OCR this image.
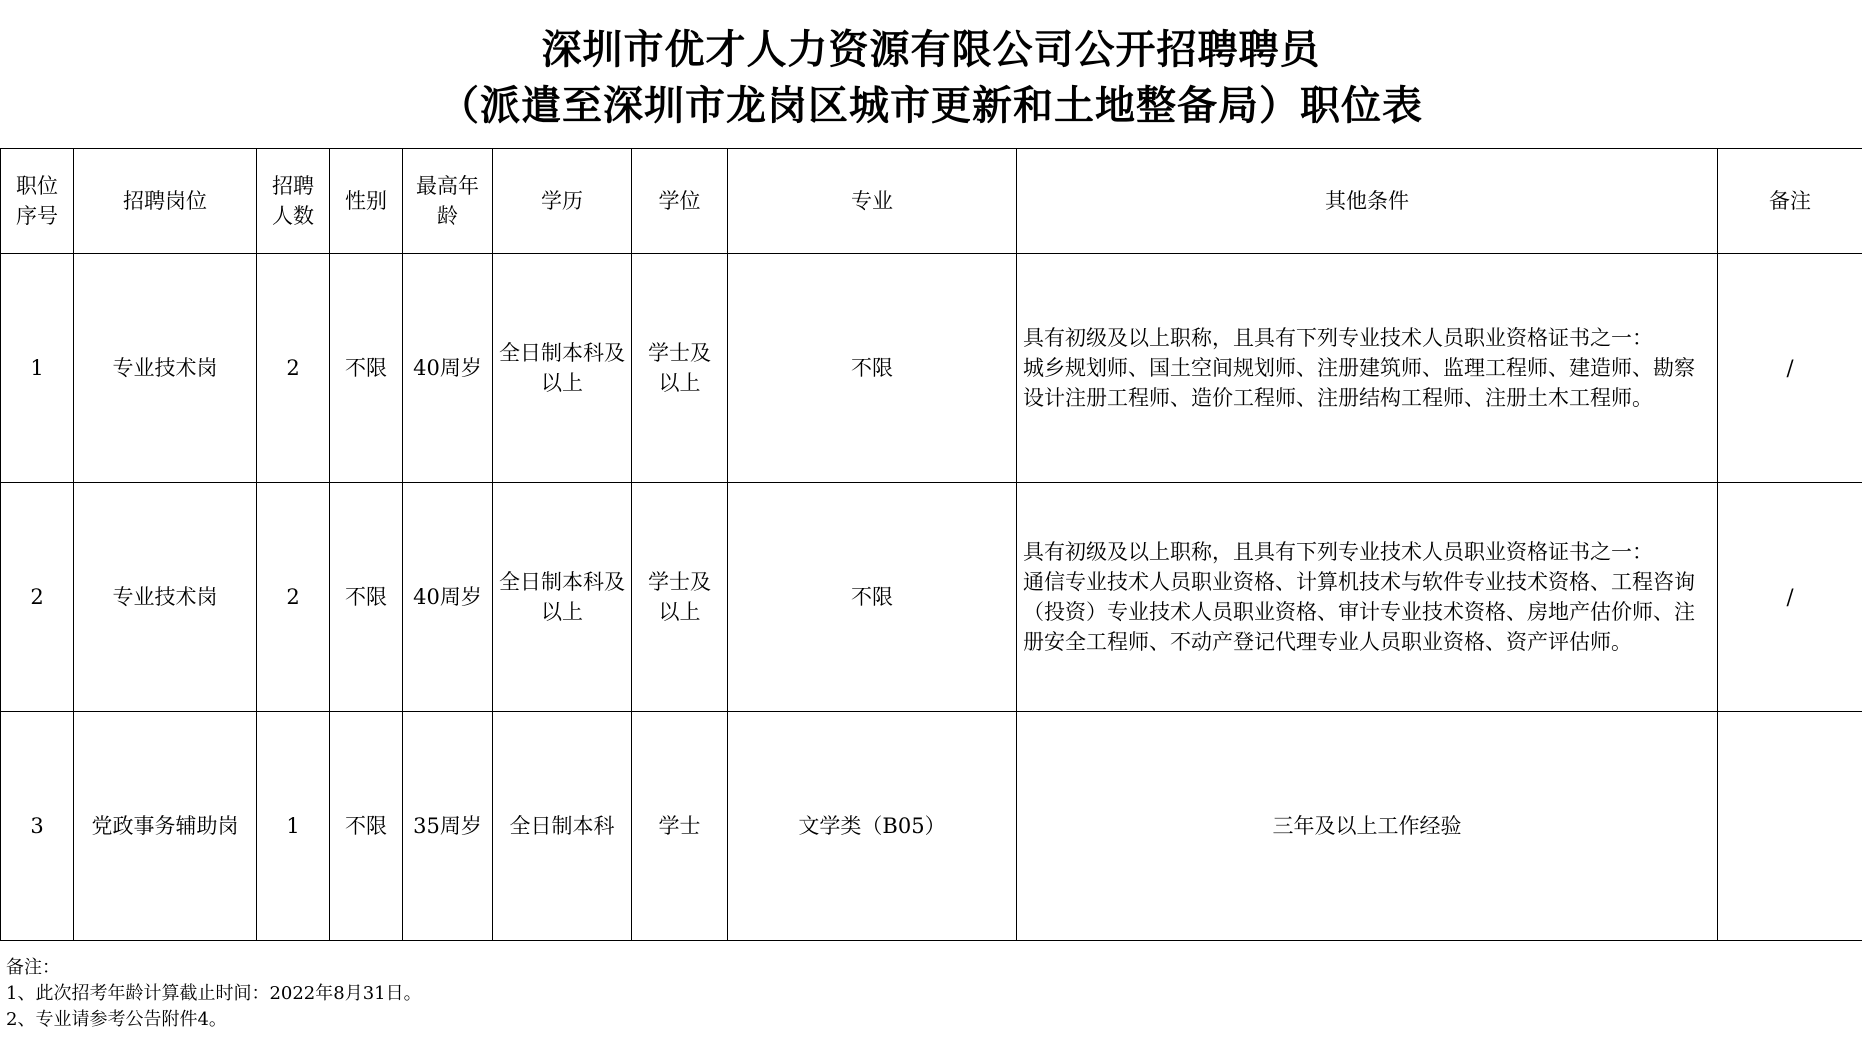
深圳市优才人力资源有限公司公开招聘聘员
（派遣至深圳市龙岗区城市更新和土地整备局）职位表
职位序号	招聘岗位	招聘人数	性别	最高年龄	学历	学位	专业	其他条件	备注
1	专业技术岗	2	不限	40周岁	全日制本科及以上	学士及以上	不限	具有初级及以上职称，且具有下列专业技术人员职业资格证书之一：
城乡规划师、国土空间规划师、注册建筑师、监理工程师、建造师、勘察设计注册工程师、造价工程师、注册结构工程师、注册土木工程师。	/
2	专业技术岗	2	不限	40周岁	全日制本科及以上	学士及以上	不限	具有初级及以上职称，且具有下列专业技术人员职业资格证书之一：
通信专业技术人员职业资格、计算机技术与软件专业技术资格、工程咨询（投资）专业技术人员职业资格、审计专业技术资格、房地产估价师、注册安全工程师、不动产登记代理专业人员职业资格、资产评估师。	/
3	党政事务辅助岗	1	不限	35周岁	全日制本科	学士	文学类（B05）	三年及以上工作经验	
备注：
1、此次招考年龄计算截止时间：2022年8月31日。
2、专业请参考公告附件4。
